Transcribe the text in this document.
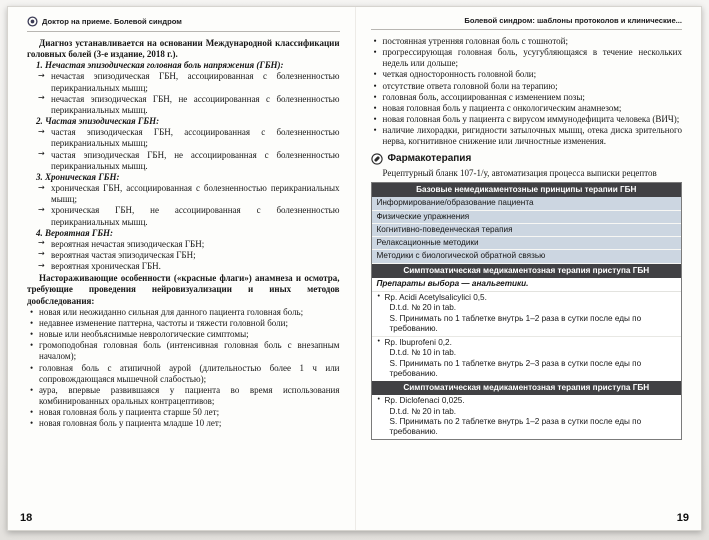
Доктор на приеме. Болевой синдром

Диагноз устанавливается на основании Международной классификации головных болей (3-е издание, 2018 г.).

1. Нечастая эпизодическая головная боль напряжения (ГБН):
→ нечастая эпизодическая ГБН, ассоциированная с болезненностью перикраниальных мышц;
→ нечастая эпизодическая ГБН, не ассоциированная с болезненностью перикраниальных мышц.
2. Частая эпизодическая ГБН:
→ частая эпизодическая ГБН, ассоциированная с болезненностью перикраниальных мышц;
→ частая эпизодическая ГБН, не ассоциированная с болезненностью перикраниальных мышц.
3. Хроническая ГБН:
→ хроническая ГБН, ассоциированная с болезненностью перикраниальных мышц;
→ хроническая ГБН, не ассоциированная с болезненностью перикраниальных мышц.
4. Вероятная ГБН:
→ вероятная нечастая эпизодическая ГБН;
→ вероятная частая эпизодическая ГБН;
→ вероятная хроническая ГБН.
Настораживающие особенности («красные флаги») анамнеза и осмотра, требующие проведения нейровизуализации и иных методов дообследования:
• новая или неожиданно сильная для данного пациента головная боль;
• недавнее изменение паттерна, частоты и тяжести головной боли;
• новые или необъяснимые неврологические симптомы;
• громоподобная головная боль (интенсивная головная боль с внезапным началом);
• головная боль с атипичной аурой (длительностью более 1 ч или сопровождающаяся мышечной слабостью);
• аура, впервые развившаяся у пациента во время использования комбинированных оральных контрацептивов;
• новая головная боль у пациента старше 50 лет;
• новая головная боль у пациента младше 10 лет;
18
Болевой синдром: шаблоны протоколов и клинические...
• постоянная утренняя головная боль с тошнотой;
• прогрессирующая головная боль, усугубляющаяся в течение нескольких недель или дольше;
• четкая односторонность головной боли;
• отсутствие ответа головной боли на терапию;
• головная боль, ассоциированная с изменением позы;
• новая головная боль у пациента с онкологическим анамнезом;
• новая головная боль у пациента с вирусом иммунодефицита человека (ВИЧ);
• наличие лихорадки, ригидности затылочных мышц, отека диска зрительного нерва, когнитивное снижение или личностные изменения.
Фармакотерапия

Рецептурный бланк 107-1/у, автоматизация процесса выписки рецептов

Базовые немедикаментозные принципы терапии ГБН
Информирование/образование пациента
Физические упражнения
Когнитивно-поведенческая терапия
Релаксационные методики
Методики с биологической обратной связью
Симптоматическая медикаментозная терапия приступа ГБН
Препараты выбора — анальгетики.
• Rp. Acidi Acetylsalicylici 0,5.
D.t.d. № 20 in tab.
S. Принимать по 1 таблетке внутрь 1–2 раза в сутки после еды по требованию.
• Rp. Ibuprofeni 0,2.
D.t.d. № 10 in tab.
S. Принимать по 1 таблетке внутрь 2–3 раза в сутки после еды по требованию.
Симптоматическая медикаментозная терапия приступа ГБН
• Rp. Diclofenaci 0,025.
D.t.d. № 20 in tab.
S. Принимать по 2 таблетке внутрь 1–2 раза в сутки после еды по требованию.
19
